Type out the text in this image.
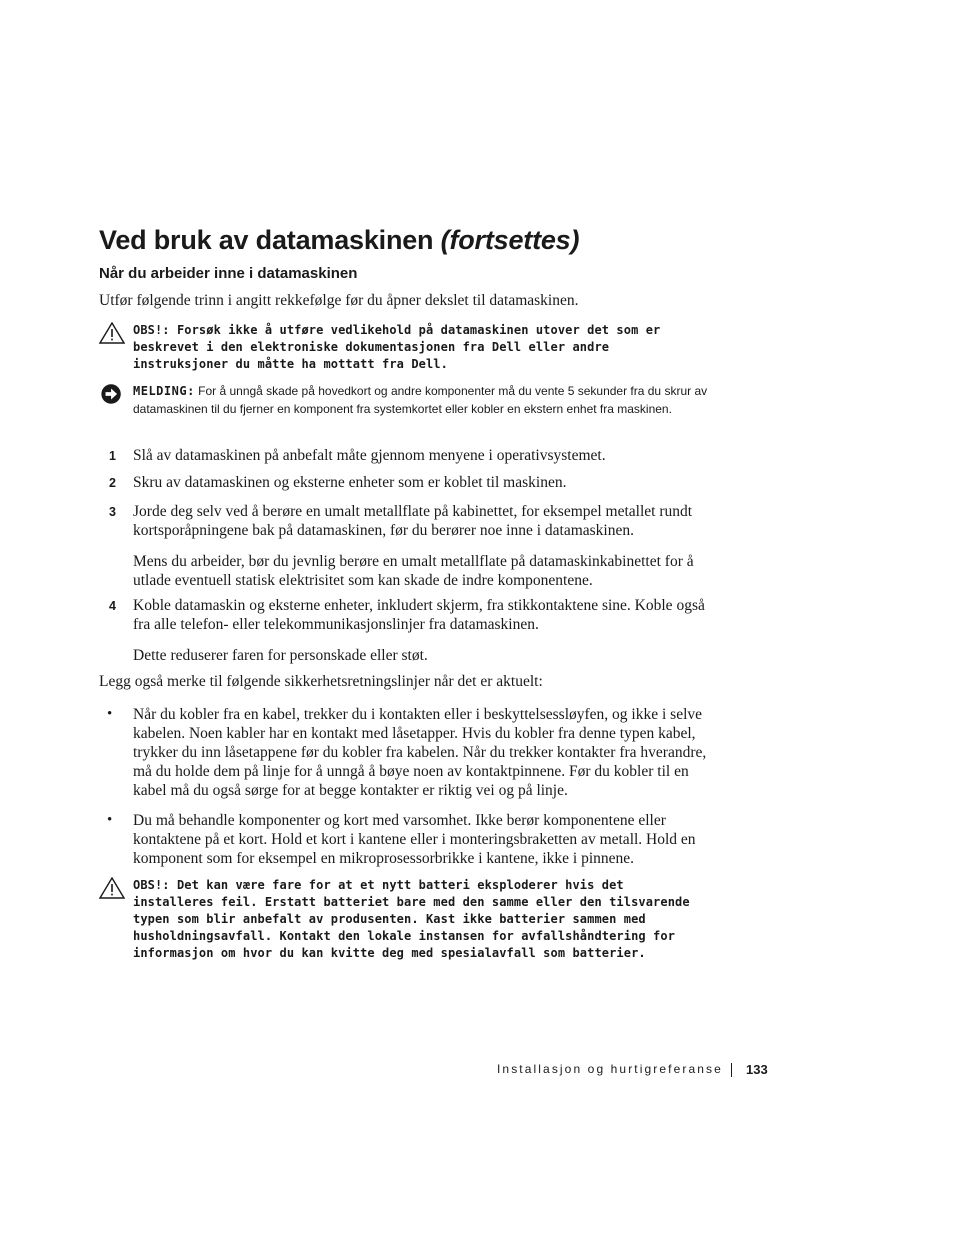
Ved bruk av datamaskinen (fortsettes)
Når du arbeider inne i datamaskinen

Utfør følgende trinn i angitt rekkefølge før du åpner dekslet til datamaskinen.

OBS!: Forsøk ikke å utføre vedlikehold på datamaskinen utover det som er beskrevet i den elektroniske dokumentasjonen fra Dell eller andre instruksjoner du måtte ha mottatt fra Dell.
MELDING: For å unngå skade på hovedkort og andre komponenter må du vente 5 sekunder fra du skrur av datamaskinen til du fjerner en komponent fra systemkortet eller kobler en ekstern enhet fra maskinen.
1	Slå av datamaskinen på anbefalt måte gjennom menyene i operativsystemet.
2	Skru av datamaskinen og eksterne enheter som er koblet til maskinen.
3	Jorde deg selv ved å berøre en umalt metallflate på kabinettet, for eksempel metallet rundt kortsporåpningene bak på datamaskinen, før du berører noe inne i datamaskinen.

Mens du arbeider, bør du jevnlig berøre en umalt metallflate på datamaskinkabinettet for å utlade eventuell statisk elektrisitet som kan skade de indre komponentene.

4	Koble datamaskin og eksterne enheter, inkludert skjerm, fra stikkontaktene sine. Koble også fra alle telefon- eller telekommunikasjonslinjer fra datamaskinen.

Dette reduserer faren for personskade eller støt.

Legg også merke til følgende sikkerhetsretningslinjer når det er aktuelt:

• Når du kobler fra en kabel, trekker du i kontakten eller i beskyttelsessløyfen, og ikke i selve kabelen. Noen kabler har en kontakt med låsetapper. Hvis du kobler fra denne typen kabel, trykker du inn låsetappene før du kobler fra kabelen. Når du trekker kontakter fra hverandre, må du holde dem på linje for å unngå å bøye noen av kontaktpinnene. Før du kobler til en kabel må du også sørge for at begge kontakter er riktig vei og på linje.
• Du må behandle komponenter og kort med varsomhet. Ikke berør komponentene eller kontaktene på et kort. Hold et kort i kantene eller i monteringsbraketten av metall. Hold en komponent som for eksempel en mikroprosessorbrikke i kantene, ikke i pinnene.
OBS!: Det kan være fare for at et nytt batteri eksploderer hvis det installeres feil. Erstatt batteriet bare med den samme eller den tilsvarende typen som blir anbefalt av produsenten. Kast ikke batterier sammen med husholdningsavfall. Kontakt den lokale instansen for avfallshåndtering for informasjon om hvor du kan kvitte deg med spesialavfall som batterier.
Installasjon og hurtigreferanse 133
